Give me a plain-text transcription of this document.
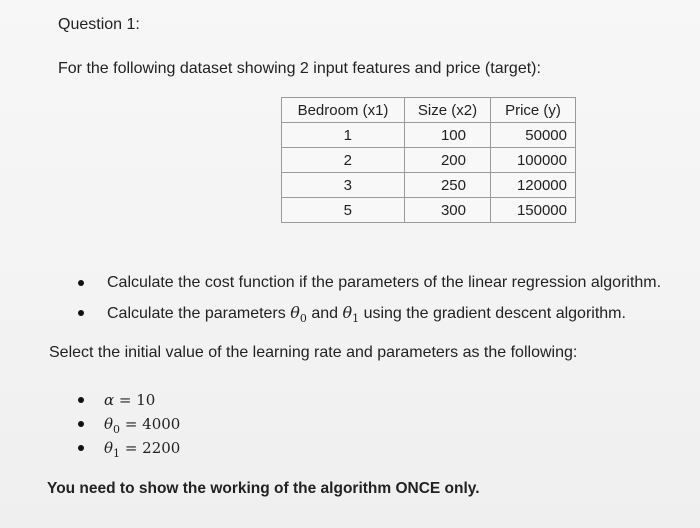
Question 1:
For the following dataset showing 2 input features and price (target):
Bedroom (x1)	Size (x2)	Price (y)
1	100	50000
2	200	100000
3	250	120000
5	300	150000
Calculate the cost function if the parameters of the linear regression algorithm.
Calculate the parameters $\theta_0$ and $\theta_1$ using the gradient descent algorithm.
Select the initial value of the learning rate and parameters as the following:
α = 10
$\theta_0 = 4000$
$\theta_1 = 2200$
You need to show the working of the algorithm ONCE only.
